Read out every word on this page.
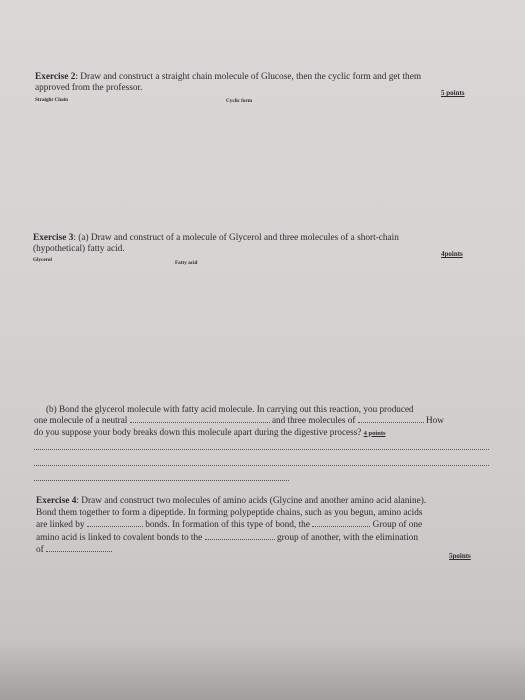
Exercise 2: Draw and construct a straight chain molecule of Glucose, then the cyclic form and get them
approved from the professor.	5 points
Straight Chain	Cyclic form
Exercise 3: (a) Draw and construct of a molecule of Glycerol and three molecules of a short-chain
(hypothetical) fatty acid.	4points
Glycerol	Fatty acid
(b) Bond the glycerol molecule with fatty acid molecule. In carrying out this reaction, you produced
one molecule of a neutral	and three molecules of	How
do you suppose your body breaks down this molecule apart during the digestive process? 4 points
Exercise 4: Draw and construct two molecules of amino acids (Glycine and another amino acid alanine).
Bond them together to form a dipeptide. In forming polypeptide chains, such as you begun, amino acids
are linked by	bonds. In formation of this type of bond, the	Group of one
amino acid is linked to covalent bonds to the	group of another, with the elimination
of
5points
